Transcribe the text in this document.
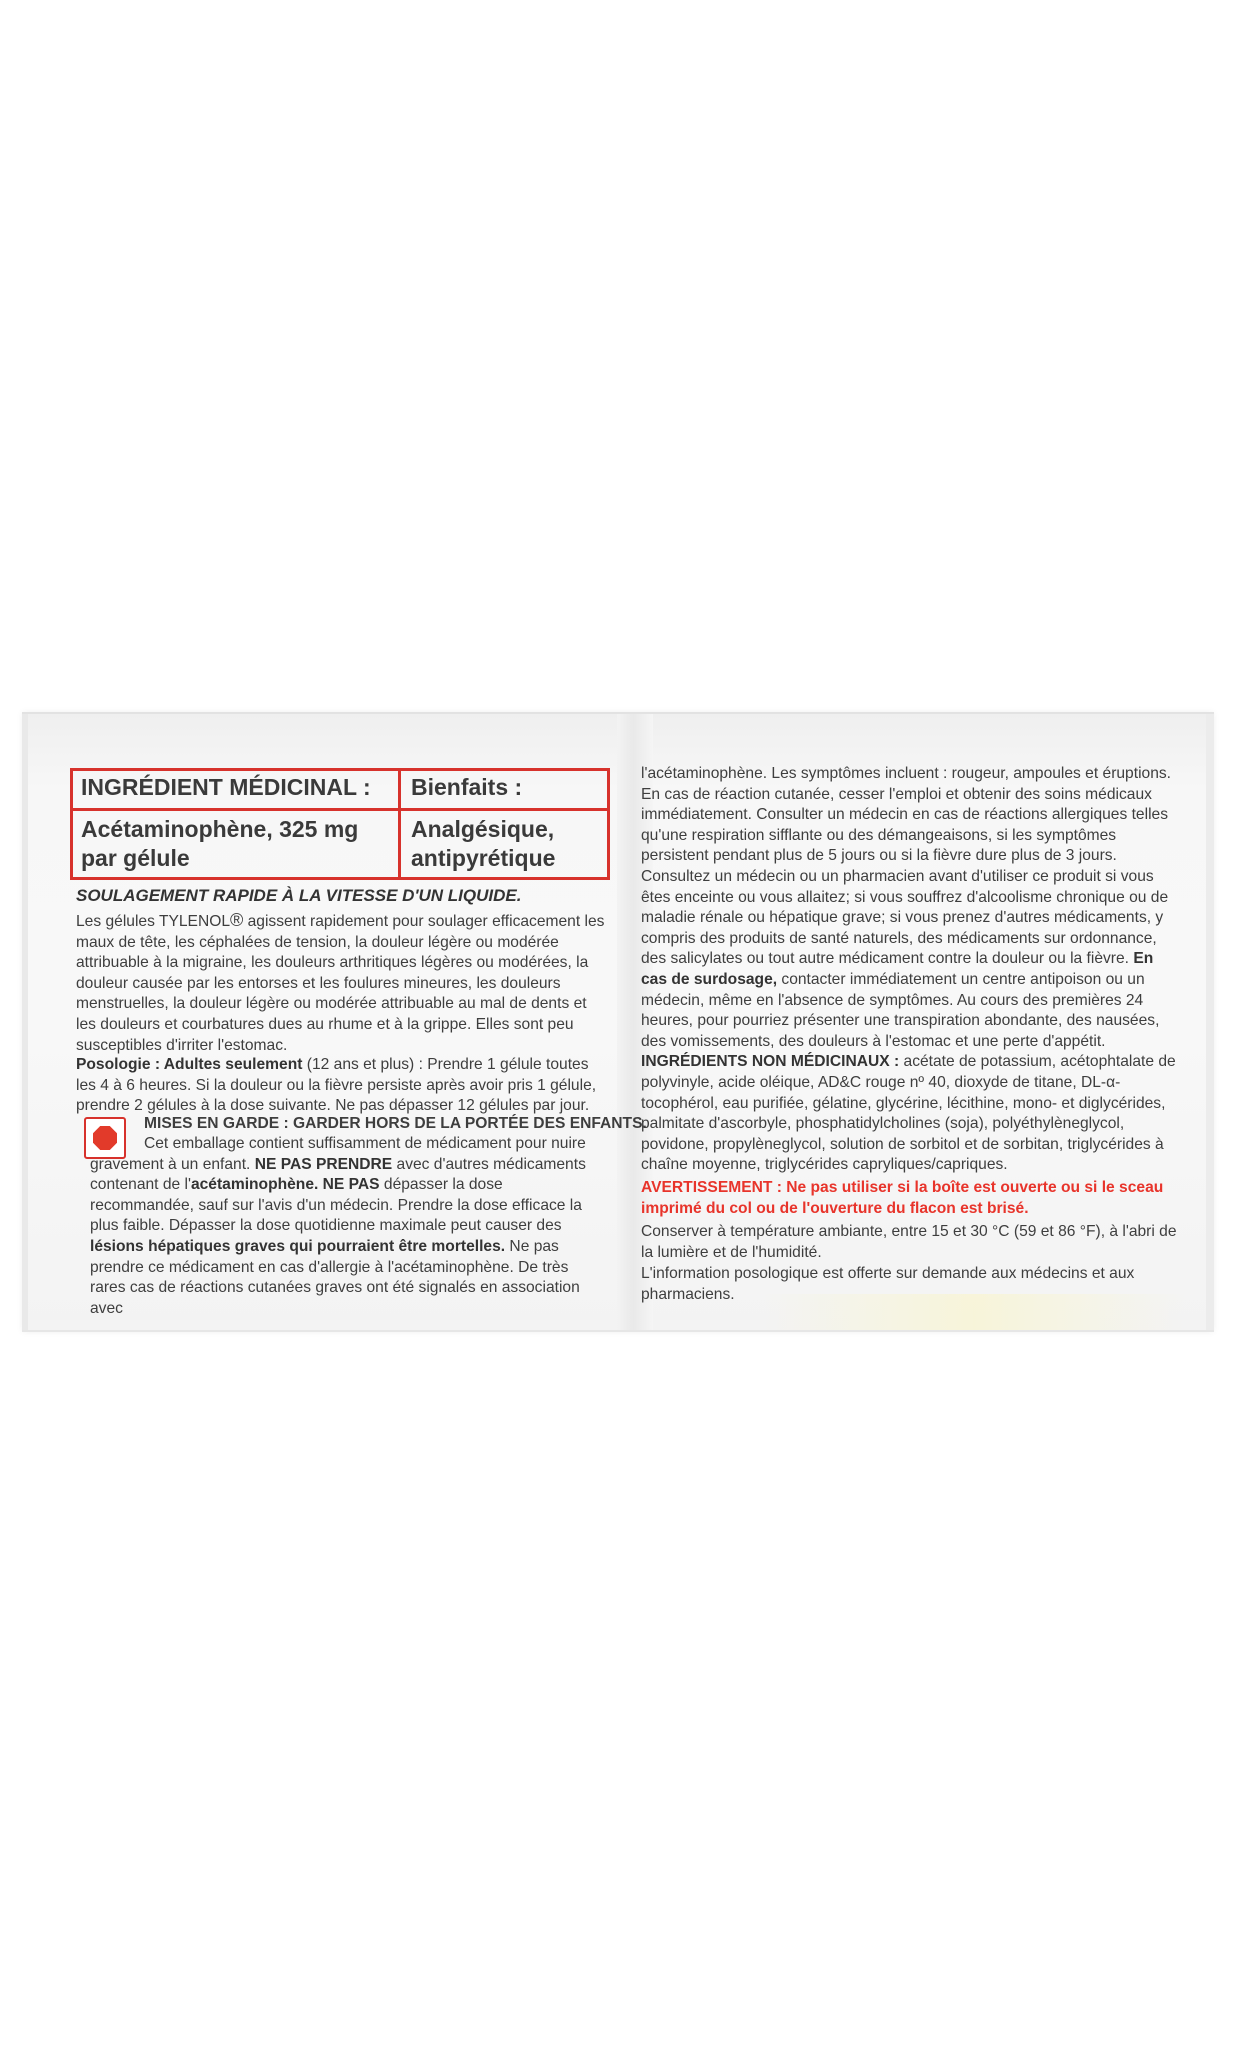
INGRÉDIENT MÉDICINAL : Bienfaits :
Acétaminophène, 325 mg
par gélule
Analgésique,
antipyrétique
SOULAGEMENT RAPIDE À LA VITESSE D'UN LIQUIDE.
Les gélules TYLENOL® agissent rapidement pour soulager efficacement les maux de tête, les céphalées de tension, la douleur légère ou modérée attribuable à la migraine, les douleurs arthritiques légères ou modérées, la douleur causée par les entorses et les foulures mineures, les douleurs menstruelles, la douleur légère ou modérée attribuable au mal de dents et les douleurs et courbatures dues au rhume et à la grippe. Elles sont peu susceptibles d'irriter l'estomac.
Posologie : Adultes seulement (12 ans et plus) : Prendre 1 gélule toutes les 4 à 6 heures. Si la douleur ou la fièvre persiste après avoir pris 1 gélule, prendre 2 gélules à la dose suivante. Ne pas dépasser 12 gélules par jour.
MISES EN GARDE : GARDER HORS DE LA PORTÉE DES ENFANTS.
Cet emballage contient suffisamment de médicament pour nuire gravement à un enfant. NE PAS PRENDRE avec d'autres médicaments contenant de l'acétaminophène. NE PAS dépasser la dose recommandée, sauf sur l'avis d'un médecin. Prendre la dose efficace la plus faible. Dépasser la dose quotidienne maximale peut causer des lésions hépatiques graves qui pourraient être mortelles. Ne pas prendre ce médicament en cas d'allergie à l'acétaminophène. De très rares cas de réactions cutanées graves ont été signalés en association avec
l'acétaminophène. Les symptômes incluent : rougeur, ampoules et éruptions. En cas de réaction cutanée, cesser l'emploi et obtenir des soins médicaux immédiatement. Consulter un médecin en cas de réactions allergiques telles qu'une respiration sifflante ou des démangeaisons, si les symptômes persistent pendant plus de 5 jours ou si la fièvre dure plus de 3 jours. Consultez un médecin ou un pharmacien avant d'utiliser ce produit si vous êtes enceinte ou vous allaitez; si vous souffrez d'alcoolisme chronique ou de maladie rénale ou hépatique grave; si vous prenez d'autres médicaments, y compris des produits de santé naturels, des médicaments sur ordonnance, des salicylates ou tout autre médicament contre la douleur ou la fièvre. En cas de surdosage, contacter immédiatement un centre antipoison ou un médecin, même en l'absence de symptômes. Au cours des premières 24 heures, pour pourriez présenter une transpiration abondante, des nausées, des vomissements, des douleurs à l'estomac et une perte d'appétit.
INGRÉDIENTS NON MÉDICINAUX : acétate de potassium, acétophtalate de polyvinyle, acide oléique, AD&C rouge nº 40, dioxyde de titane, DL-α-tocophérol, eau purifiée, gélatine, glycérine, lécithine, mono- et diglycérides, palmitate d'ascorbyle, phosphatidylcholines (soja), polyéthylèneglycol, povidone, propylèneglycol, solution de sorbitol et de sorbitan, triglycérides à chaîne moyenne, triglycérides capryliques/capriques.
AVERTISSEMENT : Ne pas utiliser si la boîte est ouverte ou si le sceau imprimé du col ou de l'ouverture du flacon est brisé.
Conserver à température ambiante, entre 15 et 30 °C (59 et 86 °F), à l'abri de la lumière et de l'humidité.
L'information posologique est offerte sur demande aux médecins et aux pharmaciens.
